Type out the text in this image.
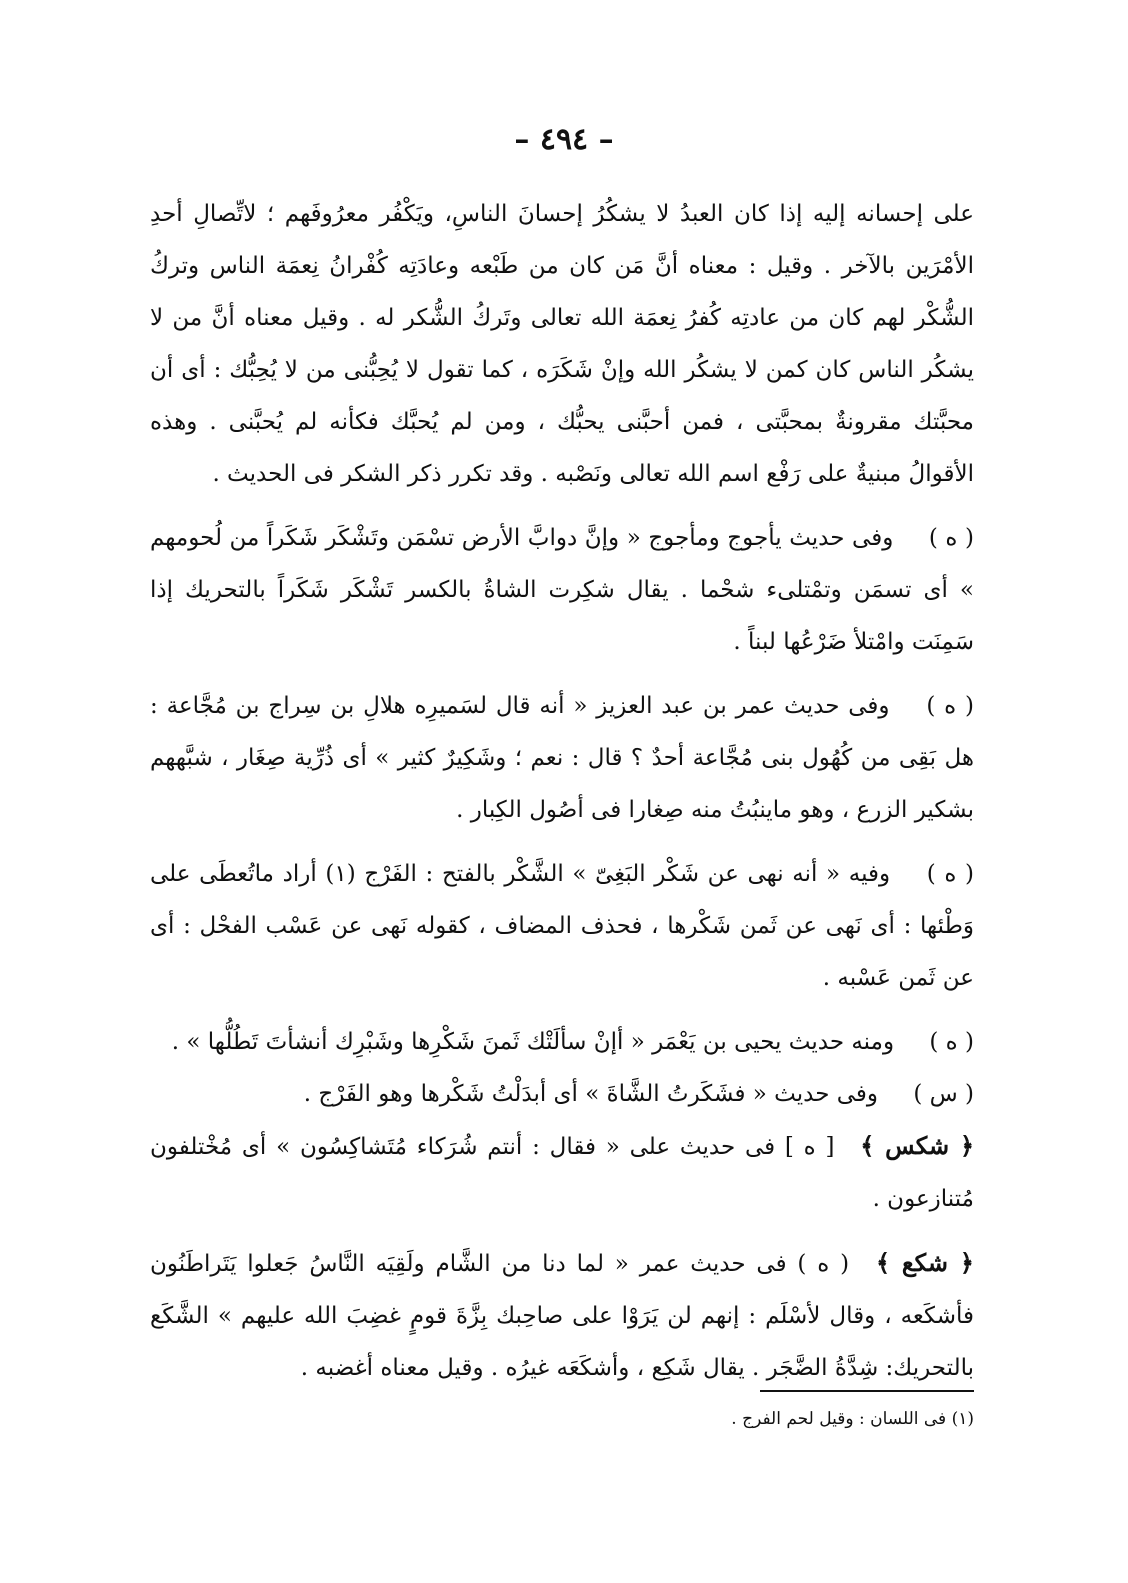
– ٤٩٤ –

على إحسانه إليه إذا كان العبدُ لا يشكُرُ إحسانَ الناسِ، ويَكْفُر معرُوفَهم ؛ لاتِّصالِ أحدِ الأمْرَين بالآخر . وقيل : معناه أنَّ مَن كان من طَبْعه وعادَتِه كُفْرانُ نِعمَة الناس وتركُ الشُّكْر لهم كان من عادتِه كُفرُ نِعمَة الله تعالى وتَركُ الشُّكر له . وقيل معناه أنَّ من لا يشكُر الناس كان كمن لا يشكُر الله وإنْ شَكَرَه ، كما تقول لا يُحِبُّنى من لا يُحِبُّك : أى أن محبَّتك مقرونةٌ بمحبَّتى ، فمن أحبَّنى يحبُّك ، ومن لم يُحبَّك فكأنه لم يُحبَّنى . وهذه الأقوالُ مبنيةٌ على رَفْع اسم الله تعالى ونَصْبه . وقد تكرر ذكر الشكر فى الحديث .

( ه ) وفى حديث يأجوج ومأجوج « وإنَّ دوابَّ الأرض تسْمَن وتَشْكَر شَكَراً من لُحومهم » أى تسمَن وتمْتلىء شحْما . يقال شكِرت الشاةُ بالكسر تَشْكَر شَكَراً بالتحريك إذا سَمِنَت وامْتلأ ضَرْعُها لبناً .

( ه ) وفى حديث عمر بن عبد العزيز « أنه قال لسَميرِه هلالِ بن سِراج بن مُجَّاعة : هل بَقِى من كُهُول بنى مُجَّاعة أحدٌ ؟ قال : نعم ؛ وشَكِيرٌ كثير » أى ذُرِّية صِغَار ، شبَّههم بشكير الزرع ، وهو ماينبُتُ منه صِغارا فى أصُول الكِبار .

( ه ) وفيه « أنه نهى عن شَكْر البَغِىّ » الشَّكْر بالفتح : الفَرْج (١) أراد ماتُعطَى على وَطْئها : أى نَهى عن ثَمن شَكْرها ، فحذف المضاف ، كقوله نَهى عن عَسْب الفحْل : أى عن ثَمن عَسْبه .

( ه ) ومنه حديث يحيى بن يَعْمَر « أإنْ سألَتْك ثَمنَ شَكْرِها وشَبْرِك أنشأتَ تَطُلُّها » .

( س ) وفى حديث « فشَكَرتُ الشَّاةَ » أى أبدَلْتُ شَكْرها وهو الفَرْج .

﴿ شكس ﴾ [ ه ] فى حديث على « فقال : أنتم شُرَكاء مُتَشاكِسُون » أى مُخْتلفون مُتنازعون .

﴿ شكع ﴾ ( ه ) فى حديث عمر « لما دنا من الشَّام ولَقِيَه النَّاسُ جَعلوا يَتَراطَنُون فأشكَعه ، وقال لأسْلَم : إنهم لن يَرَوْا على صاحِبك بِزَّةَ قومٍ غضِبَ الله عليهم » الشَّكَع بالتحريك: شِدَّةُ الضَّجَر . يقال شَكِع ، وأشكَعَه غيرُه . وقيل معناه أغضبه .

(١) فى اللسان : وقيل لحم الفرج .
